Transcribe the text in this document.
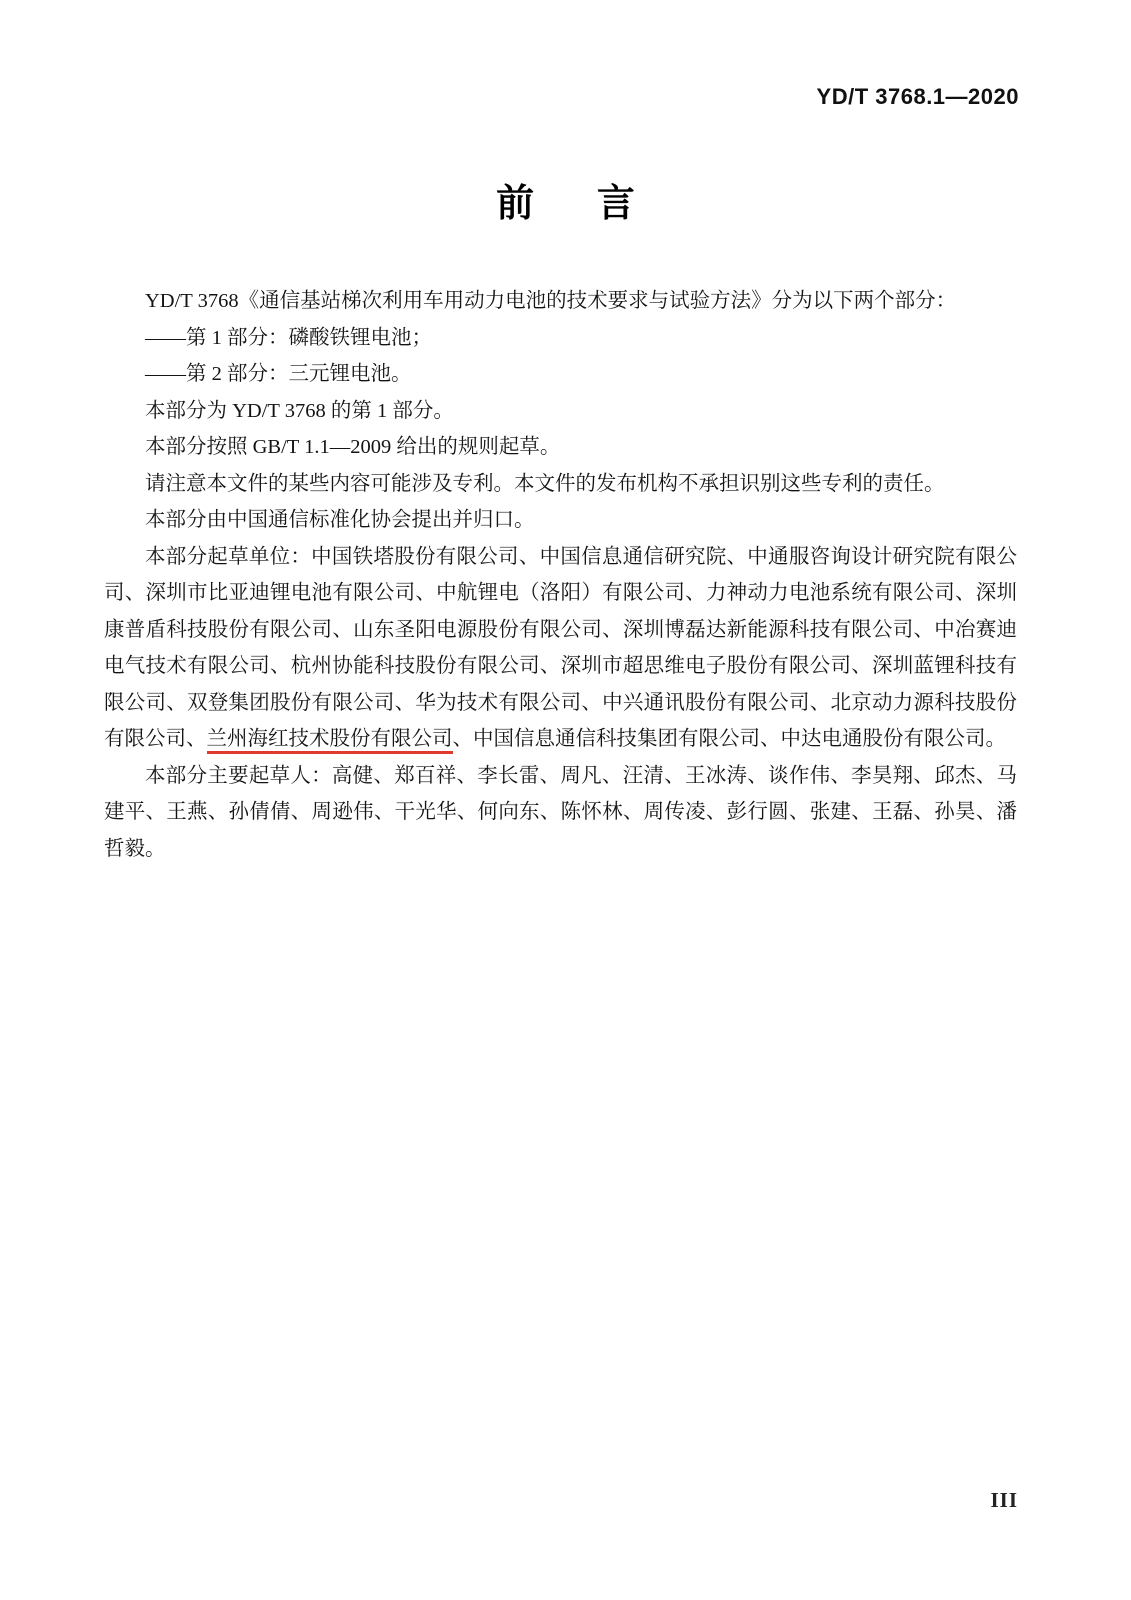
YD/T 3768.1—2020
前言

YD/T 3768《通信基站梯次利用车用动力电池的技术要求与试验方法》分为以下两个部分：

——第 1 部分：磷酸铁锂电池；

——第 2 部分：三元锂电池。

本部分为 YD/T 3768 的第 1 部分。

本部分按照 GB/T 1.1—2009 给出的规则起草。

请注意本文件的某些内容可能涉及专利。本文件的发布机构不承担识别这些专利的责任。

本部分由中国通信标准化协会提出并归口。

本部分起草单位：中国铁塔股份有限公司、中国信息通信研究院、中通服咨询设计研究院有限公司、深圳市比亚迪锂电池有限公司、中航锂电（洛阳）有限公司、力神动力电池系统有限公司、深圳康普盾科技股份有限公司、山东圣阳电源股份有限公司、深圳博磊达新能源科技有限公司、中冶赛迪电气技术有限公司、杭州协能科技股份有限公司、深圳市超思维电子股份有限公司、深圳蓝锂科技有限公司、双登集团股份有限公司、华为技术有限公司、中兴通讯股份有限公司、北京动力源科技股份有限公司、兰州海红技术股份有限公司、中国信息通信科技集团有限公司、中达电通股份有限公司。

本部分主要起草人：高健、郑百祥、李长雷、周凡、汪清、王冰涛、谈作伟、李昊翔、邱杰、马建平、王燕、孙倩倩、周逊伟、干光华、何向东、陈怀林、周传凌、彭行圆、张建、王磊、孙昊、潘哲毅。

III
